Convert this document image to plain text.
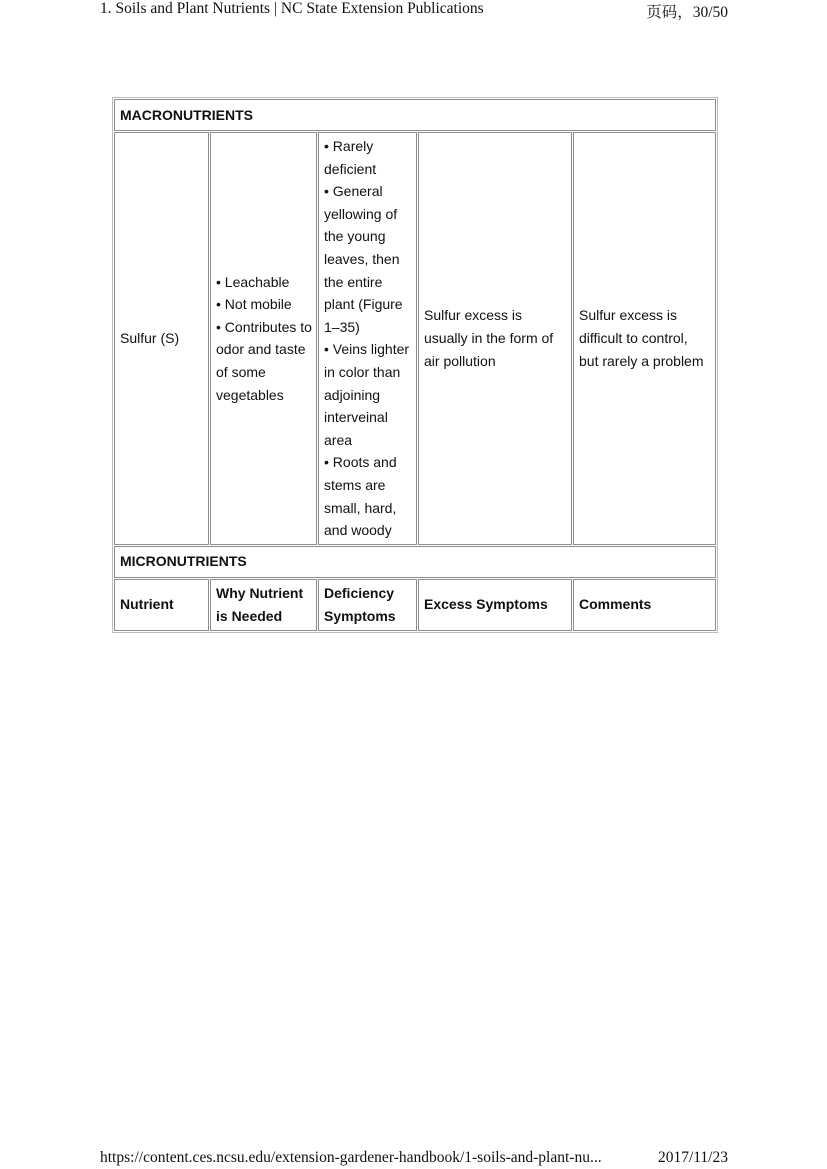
1. Soils and Plant Nutrients | NC State Extension Publications	页码，30/50
MACRONUTRIENTS				
Sulfur (S)	• Leachable
• Not mobile
• Contributes to odor and taste of some vegetables	• Rarely deficient
• General yellowing of the young leaves, then the entire plant (Figure 1–35)
• Veins lighter in color than adjoining interveinal area
• Roots and stems are small, hard, and woody	Sulfur excess is usually in the form of air pollution	Sulfur excess is difficult to control, but rarely a problem
MICRONUTRIENTS				
Nutrient	Why Nutrient is Needed	Deficiency Symptoms	Excess Symptoms	Comments
https://content.ces.ncsu.edu/extension-gardener-handbook/1-soils-and-plant-nu...	2017/11/23
